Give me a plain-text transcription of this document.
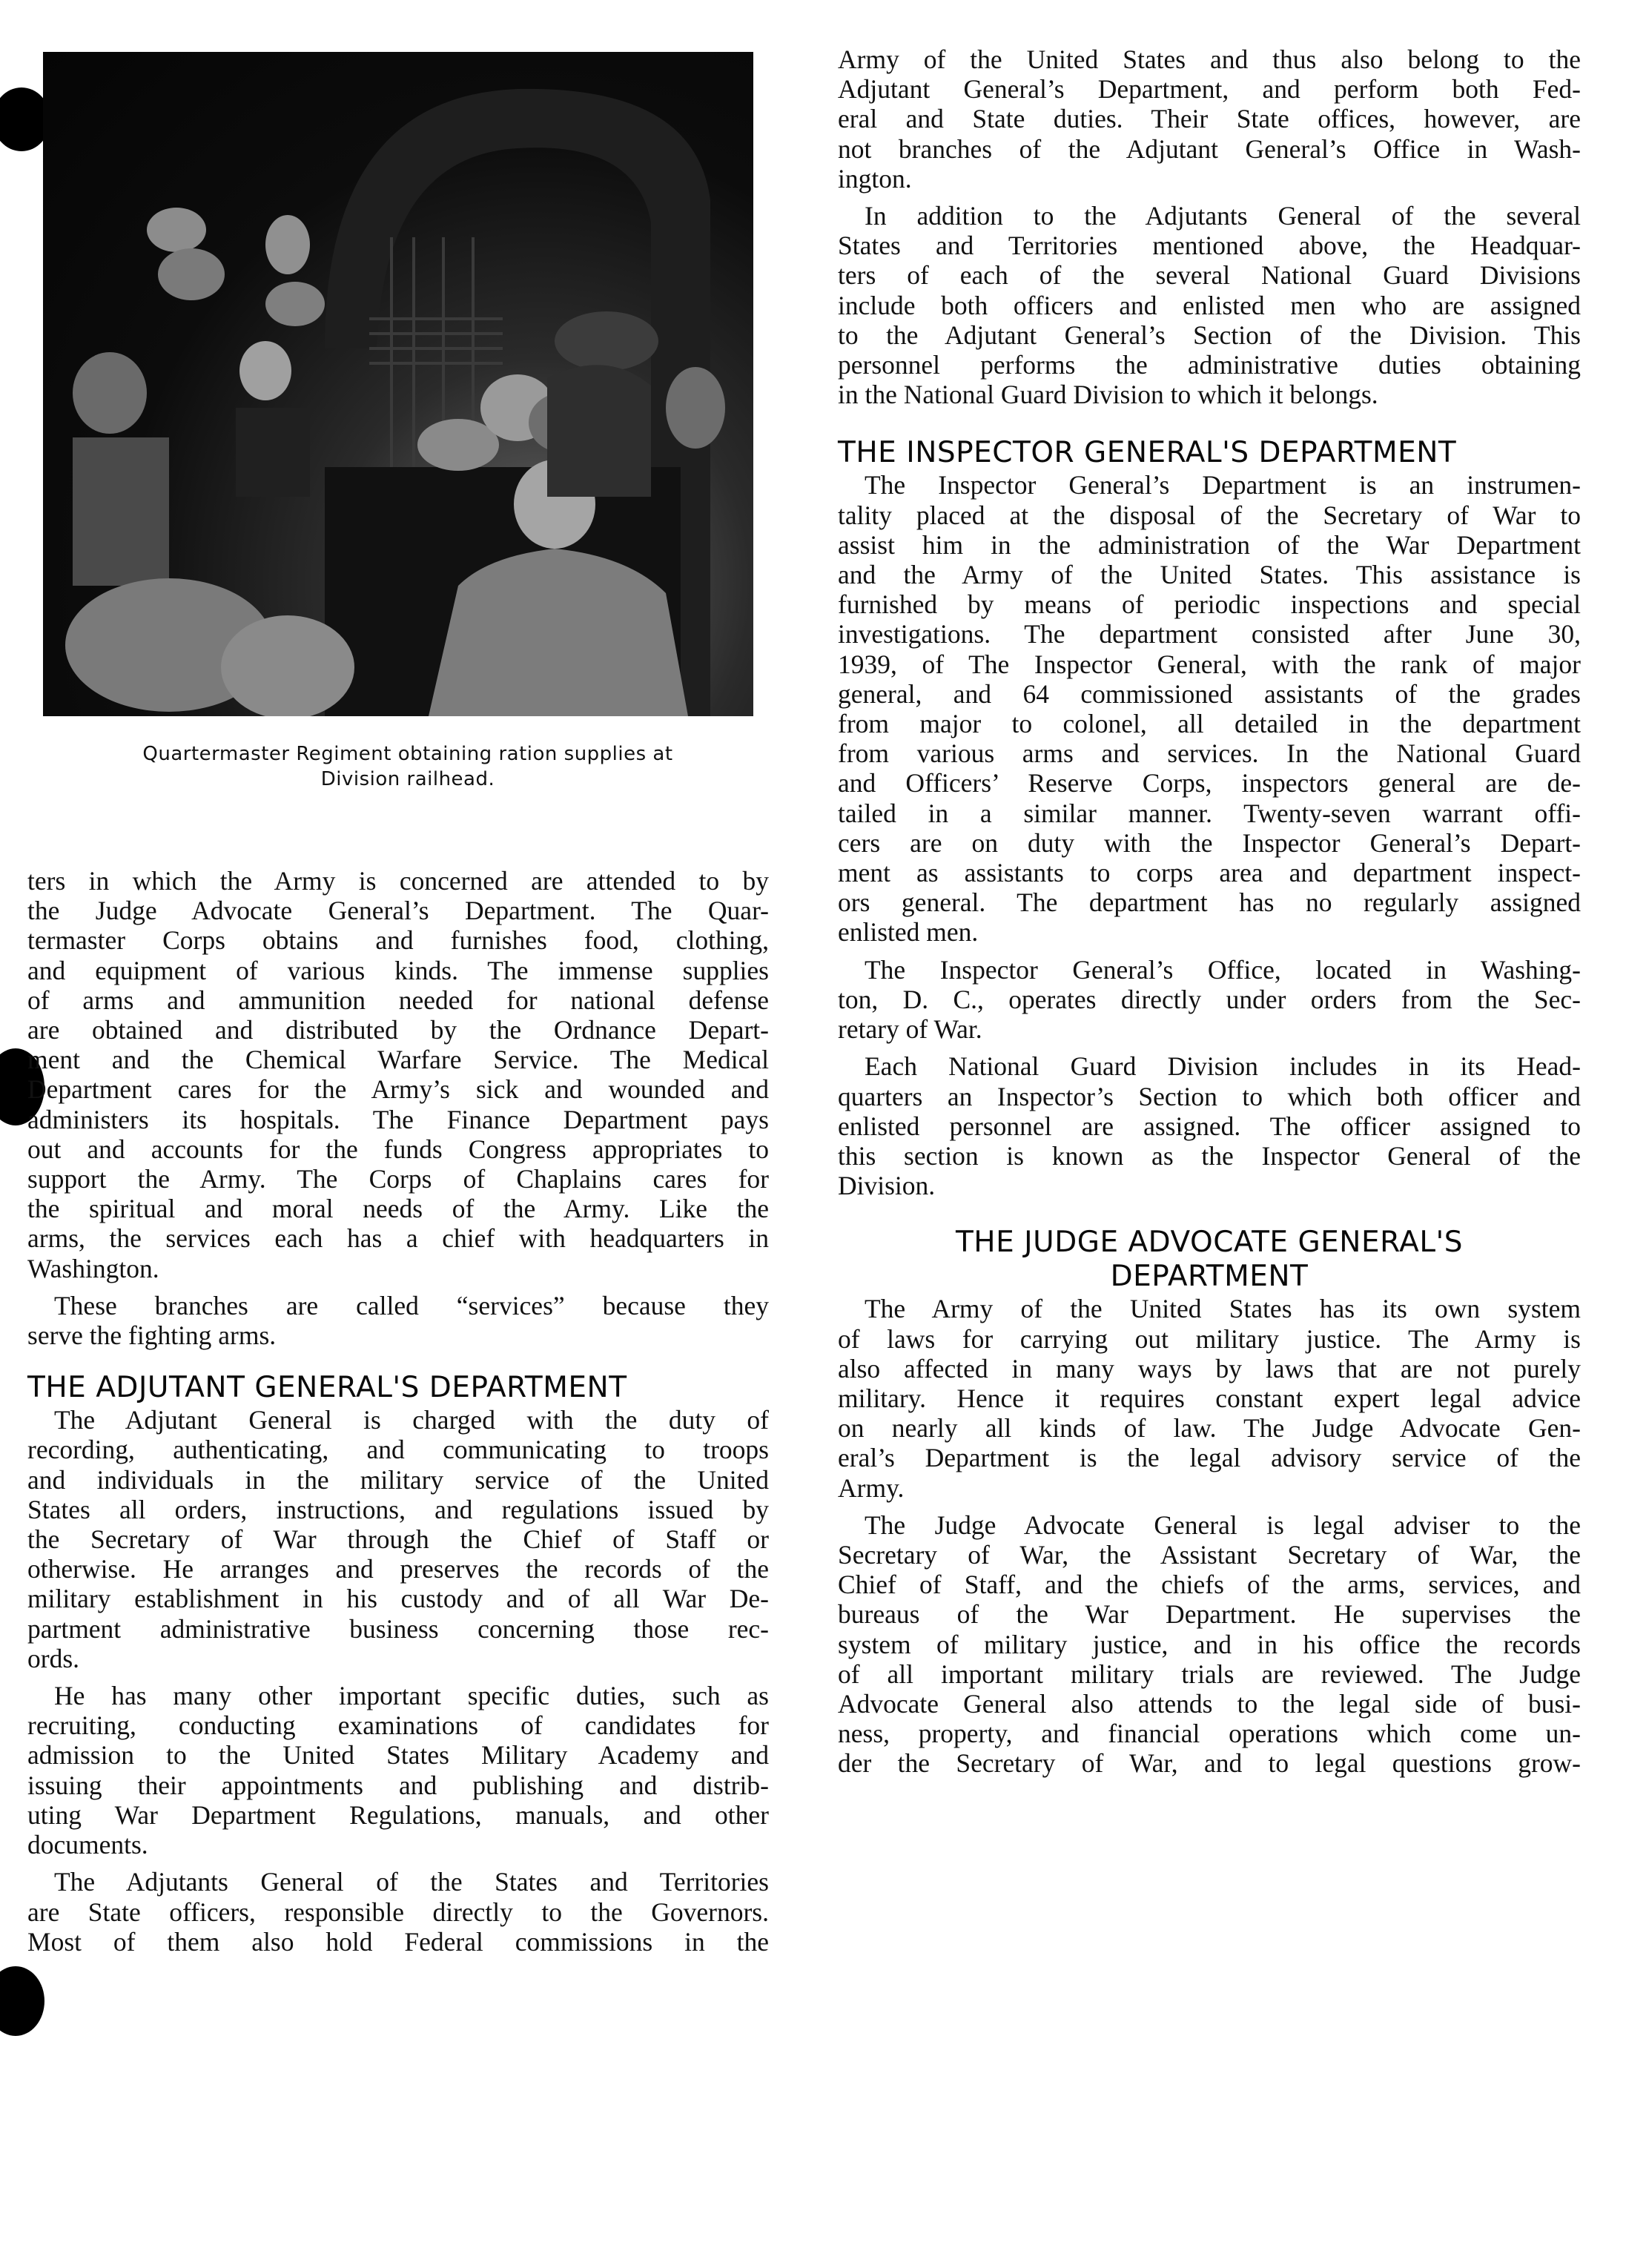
Quartermaster Regiment obtaining ration supplies at
Division railhead.

ters in which the Army is concerned are attended to by
the Judge Advocate General’s Department. The Quar-
termaster Corps obtains and furnishes food, clothing,
and equipment of various kinds. The immense supplies
of arms and ammunition needed for national defense
are obtained and distributed by the Ordnance Depart-
ment and the Chemical Warfare Service. The Medical
Department cares for the Army’s sick and wounded and
administers its hospitals. The Finance Department pays
out and accounts for the funds Congress appropriates to
support the Army. The Corps of Chaplains cares for
the spiritual and moral needs of the Army. Like the
arms, the services each has a chief with headquarters in
Washington.

These branches are called “services” because they
serve the fighting arms.

THE ADJUTANT GENERAL'S DEPARTMENT

The Adjutant General is charged with the duty of
recording, authenticating, and communicating to troops
and individuals in the military service of the United
States all orders, instructions, and regulations issued by
the Secretary of War through the Chief of Staff or
otherwise. He arranges and preserves the records of the
military establishment in his custody and of all War De-
partment administrative business concerning those rec-
ords.

He has many other important specific duties, such as
recruiting, conducting examinations of candidates for
admission to the United States Military Academy and
issuing their appointments and publishing and distrib-
uting War Department Regulations, manuals, and other
documents.

The Adjutants General of the States and Territories
are State officers, responsible directly to the Governors.
Most of them also hold Federal commissions in the

Army of the United States and thus also belong to the
Adjutant General’s Department, and perform both Fed-
eral and State duties. Their State offices, however, are
not branches of the Adjutant General’s Office in Wash-
ington.

In addition to the Adjutants General of the several
States and Territories mentioned above, the Headquar-
ters of each of the several National Guard Divisions
include both officers and enlisted men who are assigned
to the Adjutant General’s Section of the Division. This
personnel performs the administrative duties obtaining
in the National Guard Division to which it belongs.

THE INSPECTOR GENERAL'S DEPARTMENT

The Inspector General’s Department is an instrumen-
tality placed at the disposal of the Secretary of War to
assist him in the administration of the War Department
and the Army of the United States. This assistance is
furnished by means of periodic inspections and special
investigations. The department consisted after June 30,
1939, of The Inspector General, with the rank of major
general, and 64 commissioned assistants of the grades
from major to colonel, all detailed in the department
from various arms and services. In the National Guard
and Officers’ Reserve Corps, inspectors general are de-
tailed in a similar manner. Twenty-seven warrant offi-
cers are on duty with the Inspector General’s Depart-
ment as assistants to corps area and department inspect-
ors general. The department has no regularly assigned
enlisted men.

The Inspector General’s Office, located in Washing-
ton, D. C., operates directly under orders from the Sec-
retary of War.

Each National Guard Division includes in its Head-
quarters an Inspector’s Section to which both officer and
enlisted personnel are assigned. The officer assigned to
this section is known as the Inspector General of the
Division.

THE JUDGE ADVOCATE GENERAL'S
DEPARTMENT

The Army of the United States has its own system
of laws for carrying out military justice. The Army is
also affected in many ways by laws that are not purely
military. Hence it requires constant expert legal advice
on nearly all kinds of law. The Judge Advocate Gen-
eral’s Department is the legal advisory service of the
Army.

The Judge Advocate General is legal adviser to the
Secretary of War, the Assistant Secretary of War, the
Chief of Staff, and the chiefs of the arms, services, and
bureaus of the War Department. He supervises the
system of military justice, and in his office the records
of all important military trials are reviewed. The Judge
Advocate General also attends to the legal side of busi-
ness, property, and financial operations which come un-
der the Secretary of War, and to legal questions grow-
